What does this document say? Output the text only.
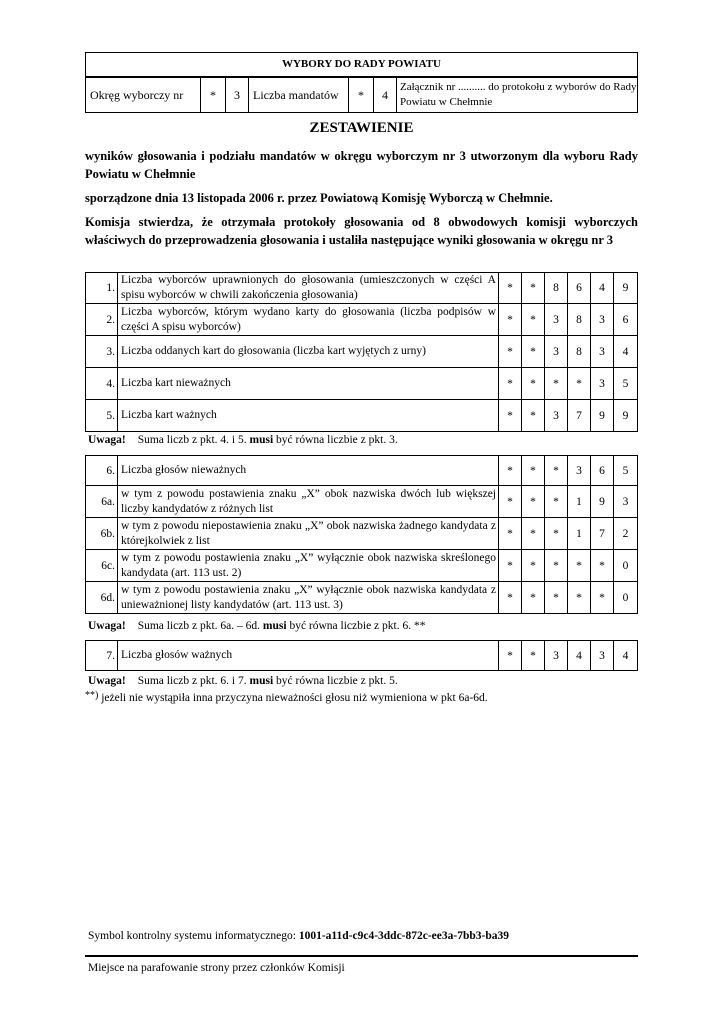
WYBORY DO RADY POWIATU
Okręg wyborczy nr	*	3	Liczba mandatów	*	4	Załącznik nr .......... do protokołu z wyborów do Rady Powiatu w Chełmnie
ZESTAWIENIE
wyników głosowania i podziału mandatów w okręgu wyborczym nr 3 utworzonym dla wyboru Rady Powiatu w Chełmnie
sporządzone dnia 13 listopada 2006 r. przez Powiatową Komisję Wyborczą w Chełmnie.
Komisja stwierdza, że otrzymała protokoły głosowania od 8 obwodowych komisji wyborczych właściwych do przeprowadzenia głosowania i ustaliła następujące wyniki głosowania w okręgu nr 3
1.	Liczba wyborców uprawnionych do głosowania (umieszczonych w części A spisu wyborców w chwili zakończenia głosowania)	*	*	8	6	4	9
2.	Liczba wyborców, którym wydano karty do głosowania (liczba podpisów w części A spisu wyborców)	*	*	3	8	3	6
3.	Liczba oddanych kart do głosowania (liczba kart wyjętych z urny)	*	*	3	8	3	4
4.	Liczba kart nieważnych	*	*	*	*	3	5
5.	Liczba kart ważnych	*	*	3	7	9	9
Uwaga! Suma liczb z pkt. 4. i 5. musi być równa liczbie z pkt. 3.
6.	Liczba głosów nieważnych	*	*	*	3	6	5
6a.	w tym z powodu postawienia znaku „X” obok nazwiska dwóch lub większej liczby kandydatów z różnych list	*	*	*	1	9	3
6b.	w tym z powodu niepostawienia znaku „X” obok nazwiska żadnego kandydata z którejkolwiek z list	*	*	*	1	7	2
6c.	w tym z powodu postawienia znaku „X” wyłącznie obok nazwiska skreślonego kandydata (art. 113 ust. 2)	*	*	*	*	*	0
6d.	w tym z powodu postawienia znaku „X” wyłącznie obok nazwiska kandydata z unieważnionej listy kandydatów (art. 113 ust. 3)	*	*	*	*	*	0
Uwaga! Suma liczb z pkt. 6a. – 6d. musi być równa liczbie z pkt. 6. **
7.	Liczba głosów ważnych	*	*	3	4	3	4
Uwaga! Suma liczb z pkt. 6. i 7. musi być równa liczbie z pkt. 5.
**) jeżeli nie wystąpiła inna przyczyna nieważności głosu niż wymieniona w pkt 6a-6d.
Symbol kontrolny systemu informatycznego: 1001-a11d-c9c4-3ddc-872c-ee3a-7bb3-ba39
Miejsce na parafowanie strony przez członków Komisji
